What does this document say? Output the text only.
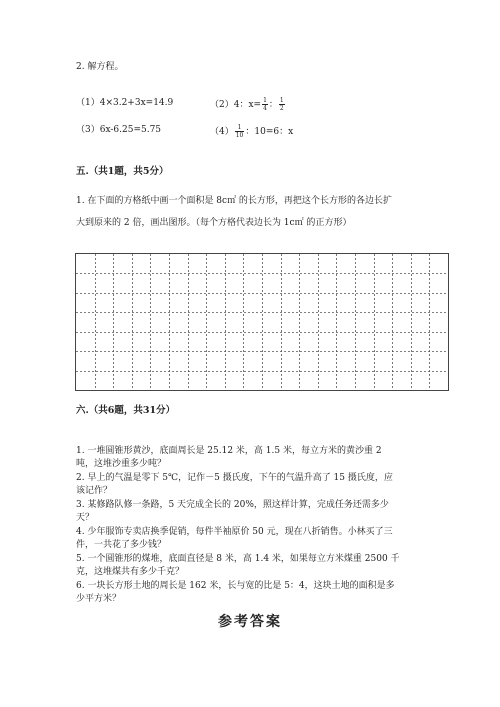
2. 解方程。
（1）4×3.2+3x=14.9	（2）4：$x= \frac{1}{4}$ ： $\frac{1}{2}$
（3）6x-6.25=5.75	$(4) \frac{1}{10}$ ：10=6：x
五.（共1题，共5分）
1. 在下面的方格纸中画一个面积是 8c㎡ 的长方形，再把这个长方形的各边长扩
大到原来的 2 倍，画出图形。（每个方格代表边长为 1c㎡ 的正方形）
六.（共6题，共31分）
1. 一堆圆锥形黄沙，底面周长是 25.12 米，高 1.5 米，每立方米的黄沙重 2
吨，这堆沙重多少吨？
2. 早上的气温是零下 5℃，记作－5 摄氏度，下午的气温升高了 15 摄氏度，应
该记作？
3. 某修路队修一条路，5 天完成全长的 20%，照这样计算，完成任务还需多少
天？
4. 少年服饰专卖店换季促销，每件半袖原价 50 元，现在八折销售。小林买了三
件，一共花了多少钱？
5. 一个圆锥形的煤堆，底面直径是 8 米，高 1.4 米，如果每立方米煤重 2500 千
克，这堆煤共有多少千克？
6. 一块长方形土地的周长是 162 米，长与宽的比是 5：4，这块土地的面积是多
少平方米？
参考答案
